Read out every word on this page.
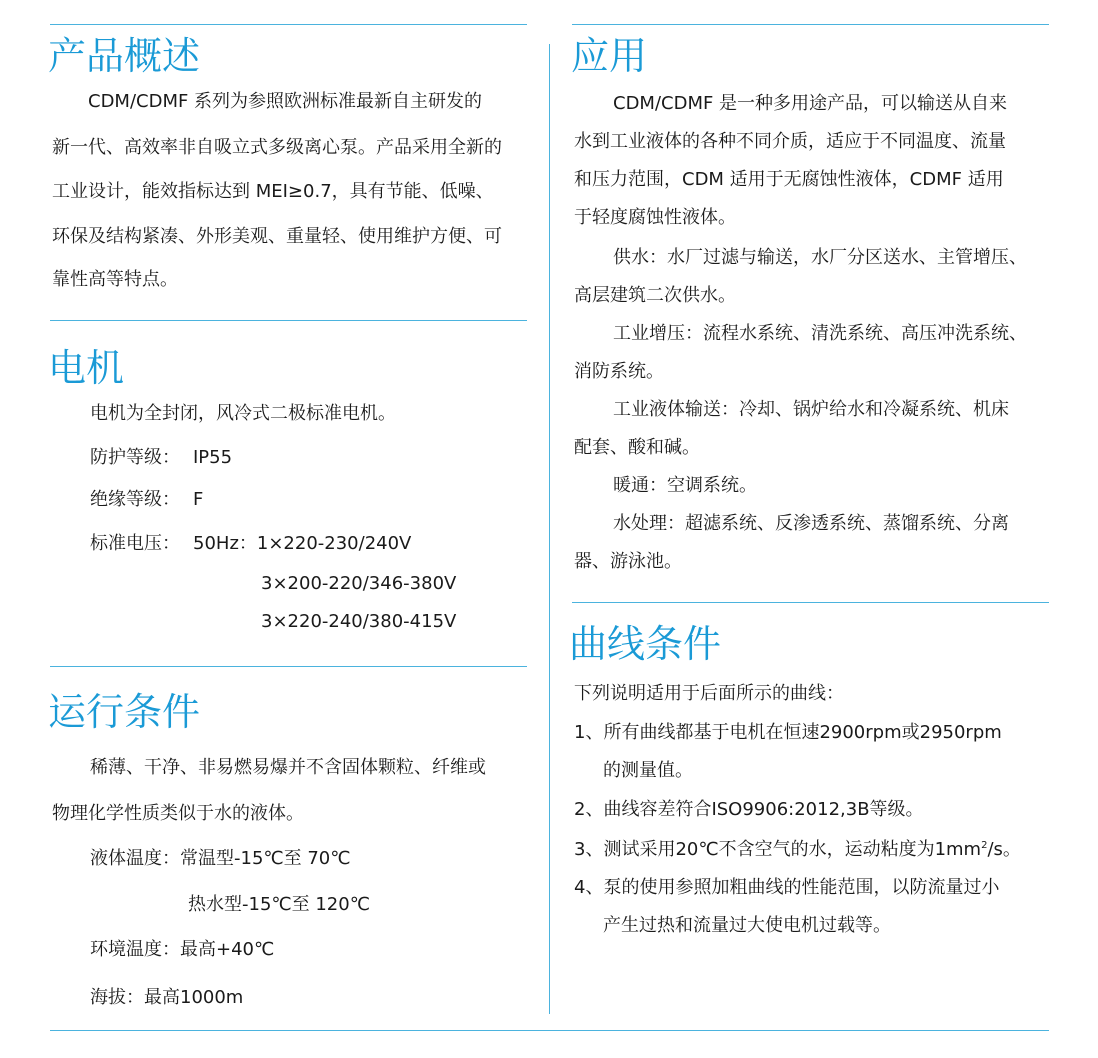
产品概述
CDM/CDMF 系列为参照欧洲标准最新自主研发的
新一代、高效率非自吸立式多级离心泵。产品采用全新的
工业设计，能效指标达到 MEI≥0.7，具有节能、低噪、
环保及结构紧凑、外形美观、重量轻、使用维护方便、可
靠性高等特点。
电机
电机为全封闭，风冷式二极标准电机。
防护等级： IP55
绝缘等级： F
标准电压： 50Hz：1×220-230/240V
3×200-220/346-380V
3×220-240/380-415V
运行条件
稀薄、干净、非易燃易爆并不含固体颗粒、纤维或
物理化学性质类似于水的液体。
液体温度：常温型-15℃至 70℃
热水型-15℃至 120℃
环境温度：最高+40℃
海拔：最高1000m
应用
CDM/CDMF 是一种多用途产品，可以输送从自来
水到工业液体的各种不同介质，适应于不同温度、流量
和压力范围，CDM 适用于无腐蚀性液体，CDMF 适用
于轻度腐蚀性液体。
供水：水厂过滤与输送，水厂分区送水、主管增压、
高层建筑二次供水。
工业增压：流程水系统、清洗系统、高压冲洗系统、
消防系统。
工业液体输送：冷却、锅炉给水和冷凝系统、机床
配套、酸和碱。
暖通：空调系统。
水处理：超滤系统、反渗透系统、蒸馏系统、分离
器、游泳池。
曲线条件
下列说明适用于后面所示的曲线：
1、所有曲线都基于电机在恒速2900rpm或2950rpm
的测量值。
2、曲线容差符合ISO9906:2012,3B等级。
3、测试采用20℃不含空气的水，运动粘度为$1mm^2/s$。
4、泵的使用参照加粗曲线的性能范围，以防流量过小
产生过热和流量过大使电机过载等。
